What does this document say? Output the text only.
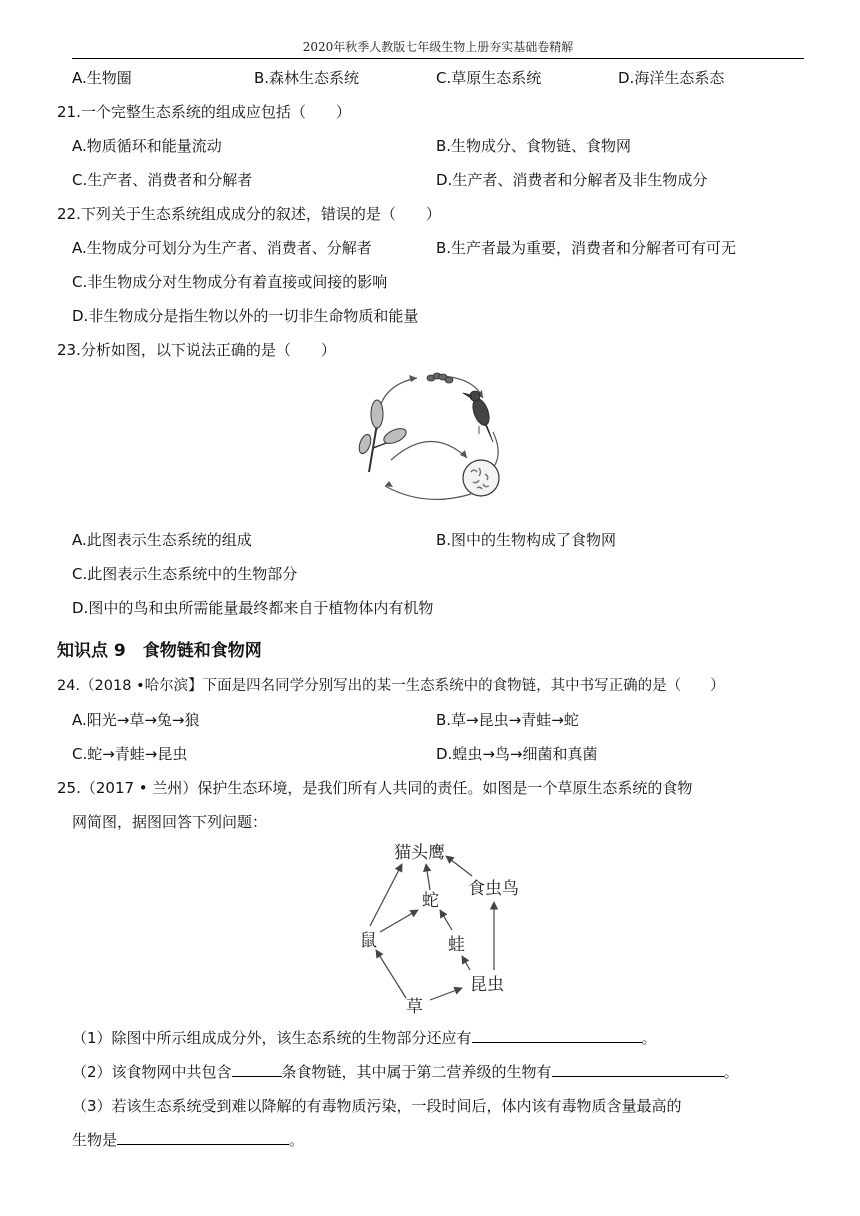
2020年秋季人教版七年级生物上册夯实基础卷精解
A.生物圈	B.森林生态系统	C.草原生态系统	D.海洋生态系态
21.一个完整生态系统的组成应包括（　　）
A.物质循环和能量流动	B.生物成分、食物链、食物网
C.生产者、消费者和分解者	D.生产者、消费者和分解者及非生物成分
22.下列关于生态系统组成成分的叙述，错误的是（　　）
A.生物成分可划分为生产者、消费者、分解者	B.生产者最为重要，消费者和分解者可有可无
C.非生物成分对生物成分有着直接或间接的影响
D.非生物成分是指生物以外的一切非生命物质和能量
23.分析如图，以下说法正确的是（　　）
A.此图表示生态系统的组成	B.图中的生物构成了食物网
C.此图表示生态系统中的生物部分
D.图中的鸟和虫所需能量最终都来自于植物体内有机物
知识点 9　食物链和食物网
24.（2018 •哈尔滨】下面是四名同学分别写出的某一生态系统中的食物链，其中书写正确的是（　　）
A.阳光→草→兔→狼	B.草→昆虫→青蛙→蛇
C.蛇→青蛙→昆虫	D.蝗虫→鸟→细菌和真菌
25.（2017 • 兰州）保护生态环境，是我们所有人共同的责任。如图是一个草原生态系统的食物
网简图，据图回答下列问题：
猫头鹰
食虫鸟
蛇
鼠	蛙
昆虫
草
（1）除图中所示组成成分外，该生态系统的生物部分还应有	。
（2）该食物网中共包含	条食物链，其中属于第二营养级的生物有	。
（3）若该生态系统受到难以降解的有毒物质污染，一段时间后，体内该有毒物质含量最高的
生物是	。
